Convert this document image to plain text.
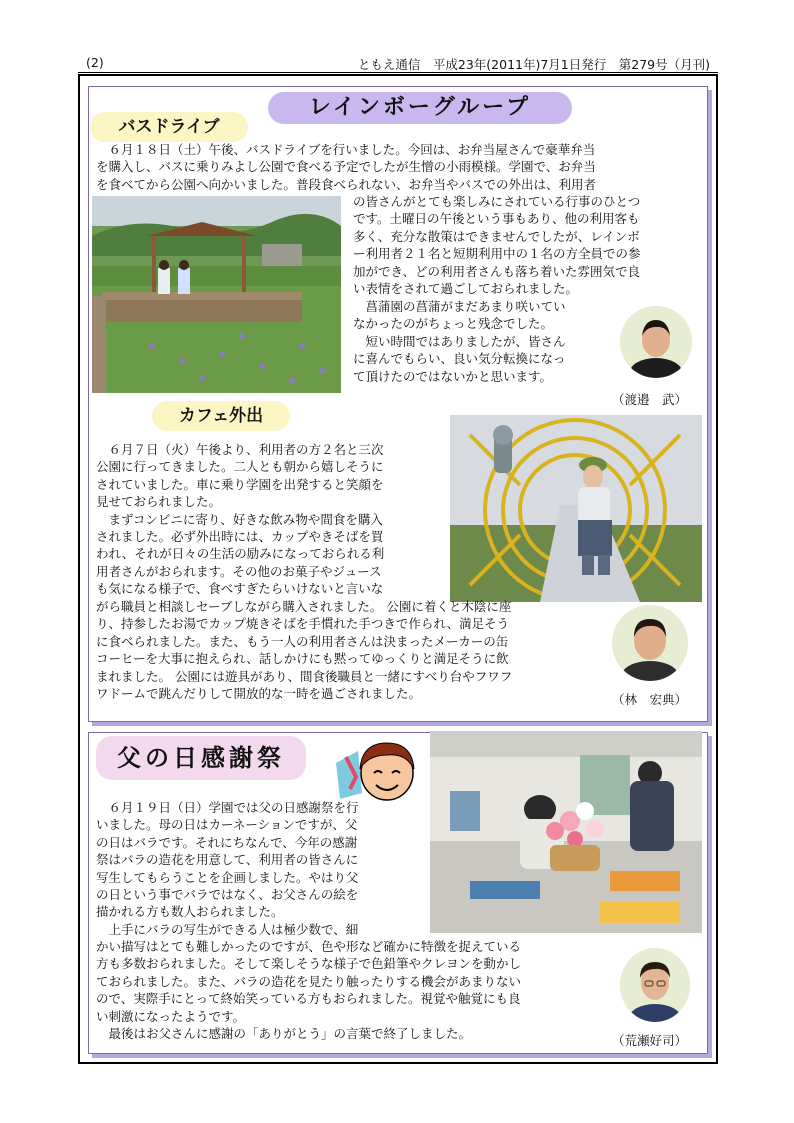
(2)	ともえ通信　平成23年(2011年)7月1日発行　第279号（月刊)
レインボーグループ
バスドライブ
　６月１８日（土）午後、バスドライブを行いました。今回は、お弁当屋さんで豪華弁当
を購入し、バスに乗りみよし公園で食べる予定でしたが生憎の小雨模様。学園で、お弁当
を食べてから公園へ向かいました。普段食べられない、お弁当やバスでの外出は、利用者
の皆さんがとても楽しみにされている行事のひとつ
です。土曜日の午後という事もあり、他の利用客も
多く、充分な散策はできませんでしたが、レインボ
ー利用者２１名と短期利用中の１名の方全員での参
加ができ、どの利用者さんも落ち着いた雰囲気で良
い表情をされて過ごしておられました。
　菖蒲園の菖蒲がまだあまり咲いてい
なかったのがちょっと残念でした。
　短い時間ではありましたが、皆さん
に喜んでもらい、良い気分転換になっ
て頂けたのではないかと思います。
（渡邉　武）
カフェ外出
　６月７日（火）午後より、利用者の方２名と三次
公園に行ってきました。二人とも朝から嬉しそうに
されていました。車に乗り学園を出発すると笑顔を
見せておられました。
　まずコンビニに寄り、好きな飲み物や間食を購入
されました。必ず外出時には、カップやきそばを買
われ、それが日々の生活の励みになっておられる利
用者さんがおられます。その他のお菓子やジュース
も気になる様子で、食べすぎたらいけないと言いな
がら職員と相談しセーブしながら購入されました。 公園に着くと木陰に座
り、持参したお湯でカップ焼きそばを手慣れた手つきで作られ、満足そう
に食べられました。また、もう一人の利用者さんは決まったメーカーの缶
コーヒーを大事に抱えられ、話しかけにも黙ってゆっくりと満足そうに飲
まれました。 公園には遊具があり、間食後職員と一緒にすべり台やフワフ
ワドームで跳んだりして開放的な一時を過ごされました。	（林　宏典）
父の日感謝祭
　６月１９日（日）学園では父の日感謝祭を行
いました。母の日はカーネーションですが、父
の日はバラです。それにちなんで、今年の感謝
祭はバラの造花を用意して、利用者の皆さんに
写生してもらうことを企画しました。やはり父
の日という事でバラではなく、お父さんの絵を
描かれる方も数人おられました。
　上手にバラの写生ができる人は極少数で、細
かい描写はとても難しかったのですが、色や形など確かに特徴を捉えている
方も多数おられました。そして楽しそうな様子で色鉛筆やクレヨンを動かし
ておられました。また、バラの造花を見たり触ったりする機会があまりない
ので、実際手にとって終始笑っている方もおられました。視覚や触覚にも良
い刺激になったようです。
　最後はお父さんに感謝の「ありがとう」の言葉で終了しました。	（荒瀬好司）
